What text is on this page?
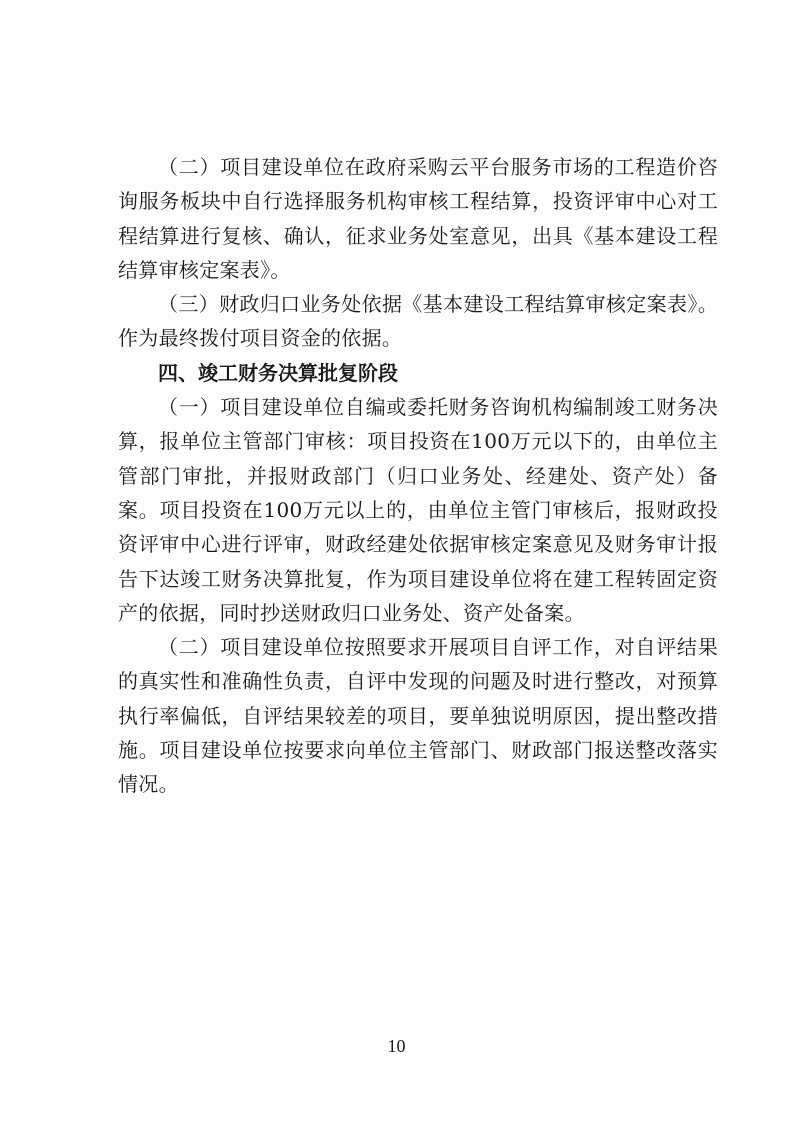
（二）项目建设单位在政府采购云平台服务市场的工程造价咨询服务板块中自行选择服务机构审核工程结算，投资评审中心对工程结算进行复核、确认，征求业务处室意见，出具《基本建设工程结算审核定案表》。

（三）财政归口业务处依据《基本建设工程结算审核定案表》。作为最终拨付项目资金的依据。

四、竣工财务决算批复阶段

（一）项目建设单位自编或委托财务咨询机构编制竣工财务决算，报单位主管部门审核：项目投资在100万元以下的，由单位主管部门审批，并报财政部门（归口业务处、经建处、资产处）备案。项目投资在100万元以上的，由单位主管门审核后，报财政投资评审中心进行评审，财政经建处依据审核定案意见及财务审计报告下达竣工财务决算批复，作为项目建设单位将在建工程转固定资产的依据，同时抄送财政归口业务处、资产处备案。

（二）项目建设单位按照要求开展项目自评工作，对自评结果的真实性和准确性负责，自评中发现的问题及时进行整改，对预算执行率偏低，自评结果较差的项目，要单独说明原因，提出整改措施。项目建设单位按要求向单位主管部门、财政部门报送整改落实情况。

10
